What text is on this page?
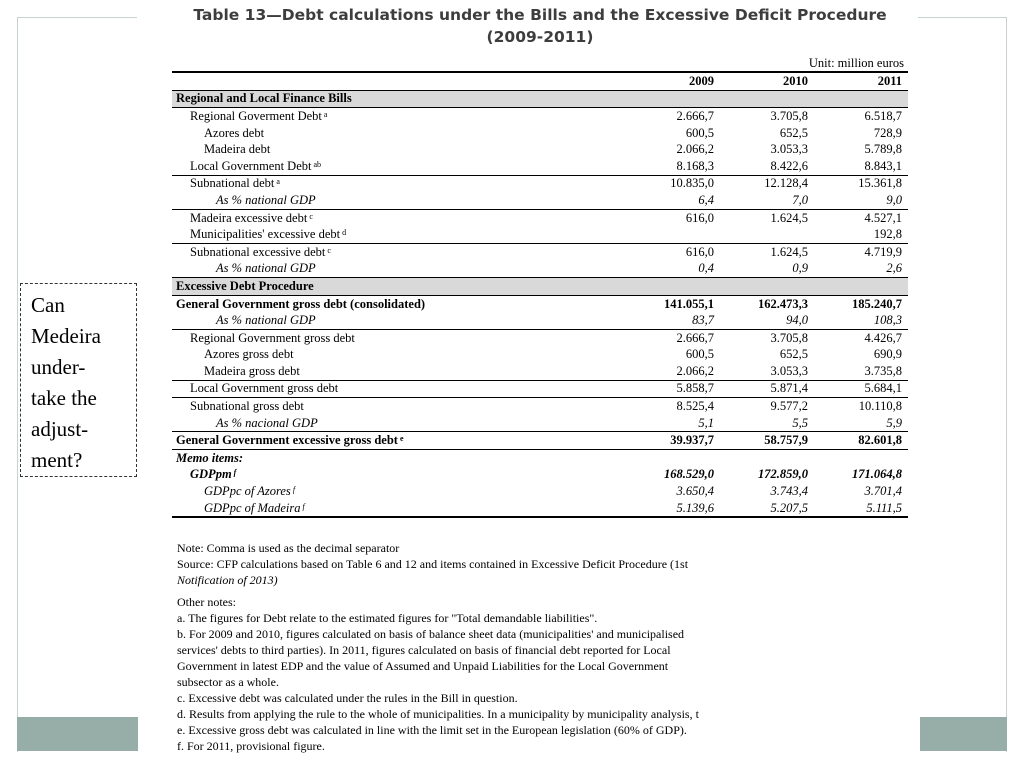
Can
Medeira
under-
take the
adjust-
ment?
Table 13—Debt calculations under the Bills and the Excessive Deficit Procedure
(2009-2011)
Unit: million euros
	2009	2010	2011
Regional and Local Finance Bills			
Regional Goverment Debt $^a$	2.666,7	3.705,8	6.518,7
Azores debt	600,5	652,5	728,9
Madeira debt	2.066,2	3.053,3	5.789,8
Local Government Debt $^{ab}$	8.168,3	8.422,6	8.843,1
Subnational debt $^a$	10.835,0	12.128,4	15.361,8
As % national GDP	6,4	7,0	9,0
Madeira excessive debt $^c$	616,0	1.624,5	4.527,1
Municipalities' excessive debt $^d$			192,8
Subnational excessive debt $^c$	616,0	1.624,5	4.719,9
As % national GDP	0,4	0,9	2,6
Excessive Debt Procedure			
General Government gross debt (consolidated)	141.055,1	162.473,3	185.240,7
As % national GDP	83,7	94,0	108,3
Regional Government gross debt	2.666,7	3.705,8	4.426,7
Azores gross debt	600,5	652,5	690,9
Madeira gross debt	2.066,2	3.053,3	3.735,8
Local Government gross debt	5.858,7	5.871,4	5.684,1
Subnational gross debt	8.525,4	9.577,2	10.110,8
As % nacional GDP	5,1	5,5	5,9
General Government excessive gross debt $^e$	39.937,7	58.757,9	82.601,8
Memo items:			
GDPpm $^f$	168.529,0	172.859,0	171.064,8
GDPpc of Azores $^f$	3.650,4	3.743,4	3.701,4
GDPpc of Madeira $^f$	5.139,6	5.207,5	5.111,5

Note: Comma is used as the decimal separator

Source: CFP calculations based on Table 6 and 12 and items contained in Excessive Deficit Procedure (1st

Notification of 2013)

Other notes:

a. The figures for Debt relate to the estimated figures for "Total demandable liabilities".

b. For 2009 and 2010, figures calculated on basis of balance sheet data (municipalities' and municipalised

services' debts to third parties). In 2011, figures calculated on basis of financial debt reported for Local

Government in latest EDP and the value of Assumed and Unpaid Liabilities for the Local Government

subsector as a whole.

c. Excessive debt was calculated under the rules in the Bill in question.

d. Results from applying the rule to the whole of municipalities. In a municipality by municipality analysis, t

e. Excessive gross debt was calculated in line with the limit set in the European legislation (60% of GDP).

f. For 2011, provisional figure.
